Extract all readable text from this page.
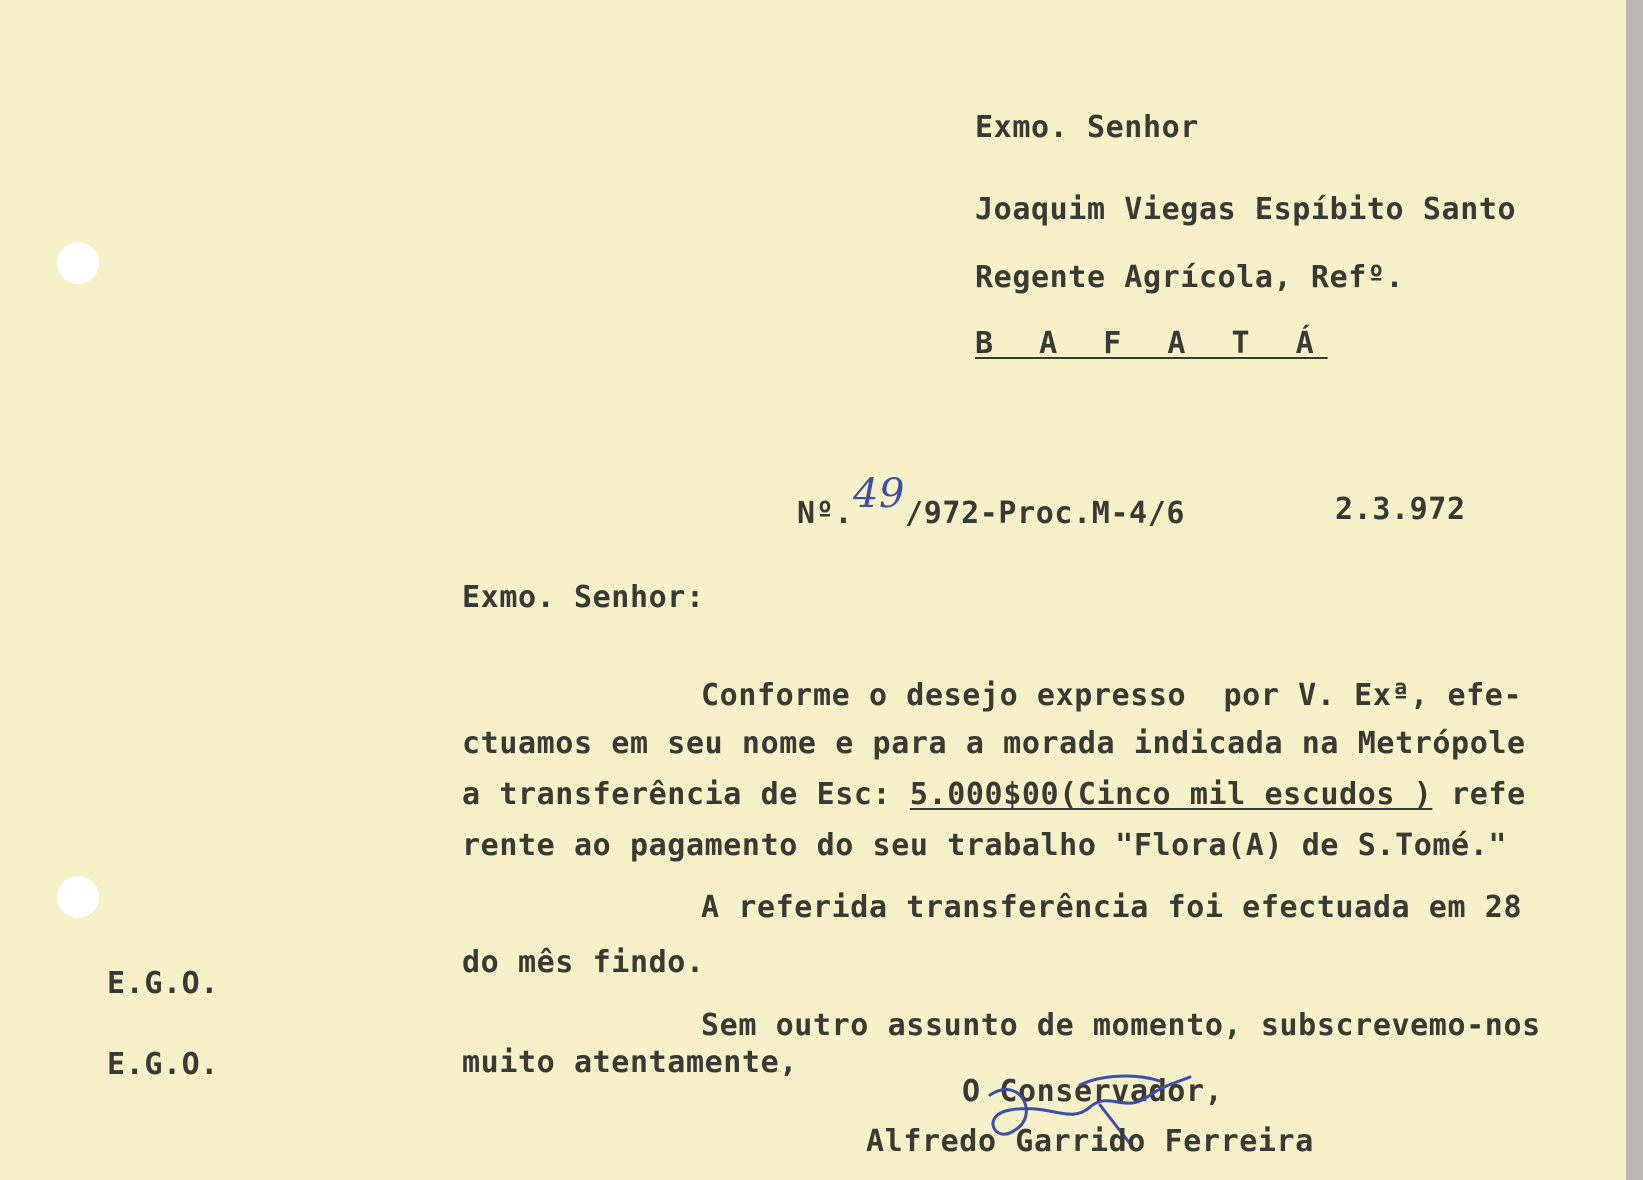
Exmo. Senhor
Joaquim Viegas Espíbito Santo
Regente Agrícola, Refº.
B A F A T Á
Nº.49/972-Proc.M-4/6	2.3.972
Exmo. Senhor:
Conforme o desejo expresso  por V. Exª, efe-
ctuamos em seu nome e para a morada indicada na Metrópole
a transferência de Esc: 5.000$00(Cinco mil escudos ) refe
rente ao pagamento do seu trabalho "Flora(A) de S.Tomé."
A referida transferência foi efectuada em 28
do mês findo.
Sem outro assunto de momento, subscrevemo-nos
muito atentamente,
E.G.O.
E.G.O.
O Conservador,
Alfredo Garrido Ferreira
